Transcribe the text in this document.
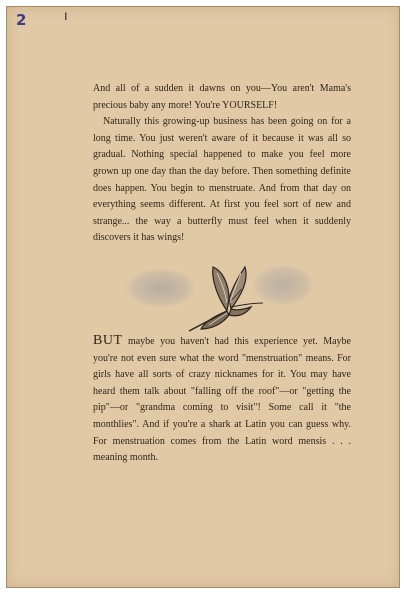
2	ı

And all of a sudden it dawns on you—You aren't Mama's precious baby any more! You're YOURSELF!

Naturally this growing-up business has been going on for a long time. You just weren't aware of it because it was all so gradual. Nothing special happened to make you feel more grown up one day than the day before. Then something definite does happen. You begin to menstruate. And from that day on everything seems different. At first you feel sort of new and strange... the way a butterfly must feel when it suddenly discovers it has wings!

BUT maybe you haven't had this experience yet. Maybe you're not even sure what the word "menstruation" means. For girls have all sorts of crazy nicknames for it. You may have heard them talk about "falling off the roof"—or "getting the pip"—or "grandma coming to visit"! Some call it "the monthlies". And if you're a shark at Latin you can guess why. For menstruation comes from the Latin word mensis . . . meaning month.
